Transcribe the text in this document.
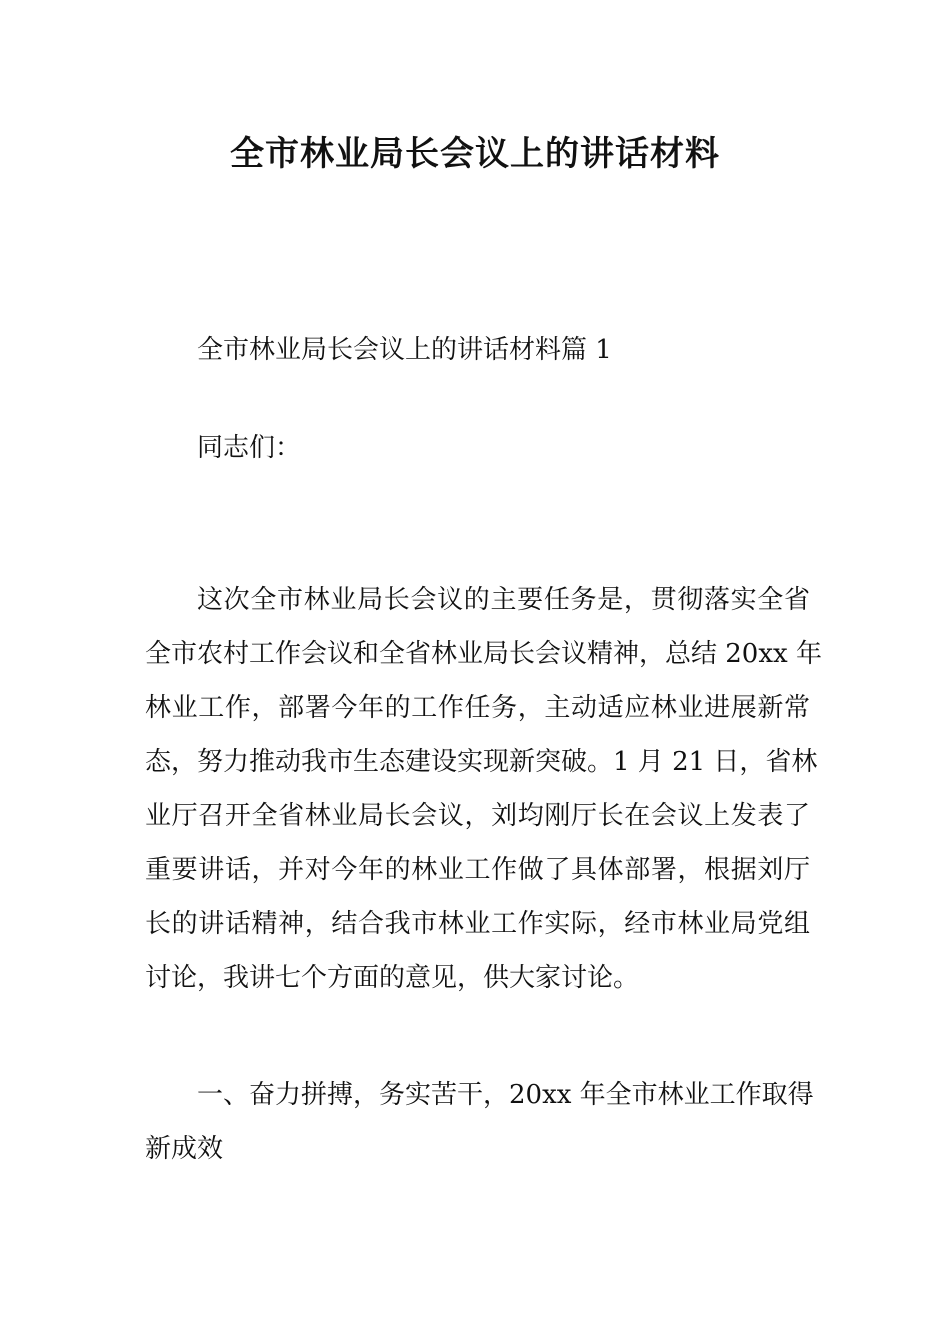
全市林业局长会议上的讲话材料

全市林业局长会议上的讲话材料篇 1

同志们：

这次全市林业局长会议的主要任务是，贯彻落实全省
全市农村工作会议和全省林业局长会议精神，总结 20xx 年
林业工作，部署今年的工作任务，主动适应林业进展新常
态，努力推动我市生态建设实现新突破。1 月 21 日，省林
业厅召开全省林业局长会议，刘均刚厅长在会议上发表了
重要讲话，并对今年的林业工作做了具体部署，根据刘厅
长的讲话精神，结合我市林业工作实际，经市林业局党组
讨论，我讲七个方面的意见，供大家讨论。
一、奋力拼搏，务实苦干，20xx 年全市林业工作取得
新成效
